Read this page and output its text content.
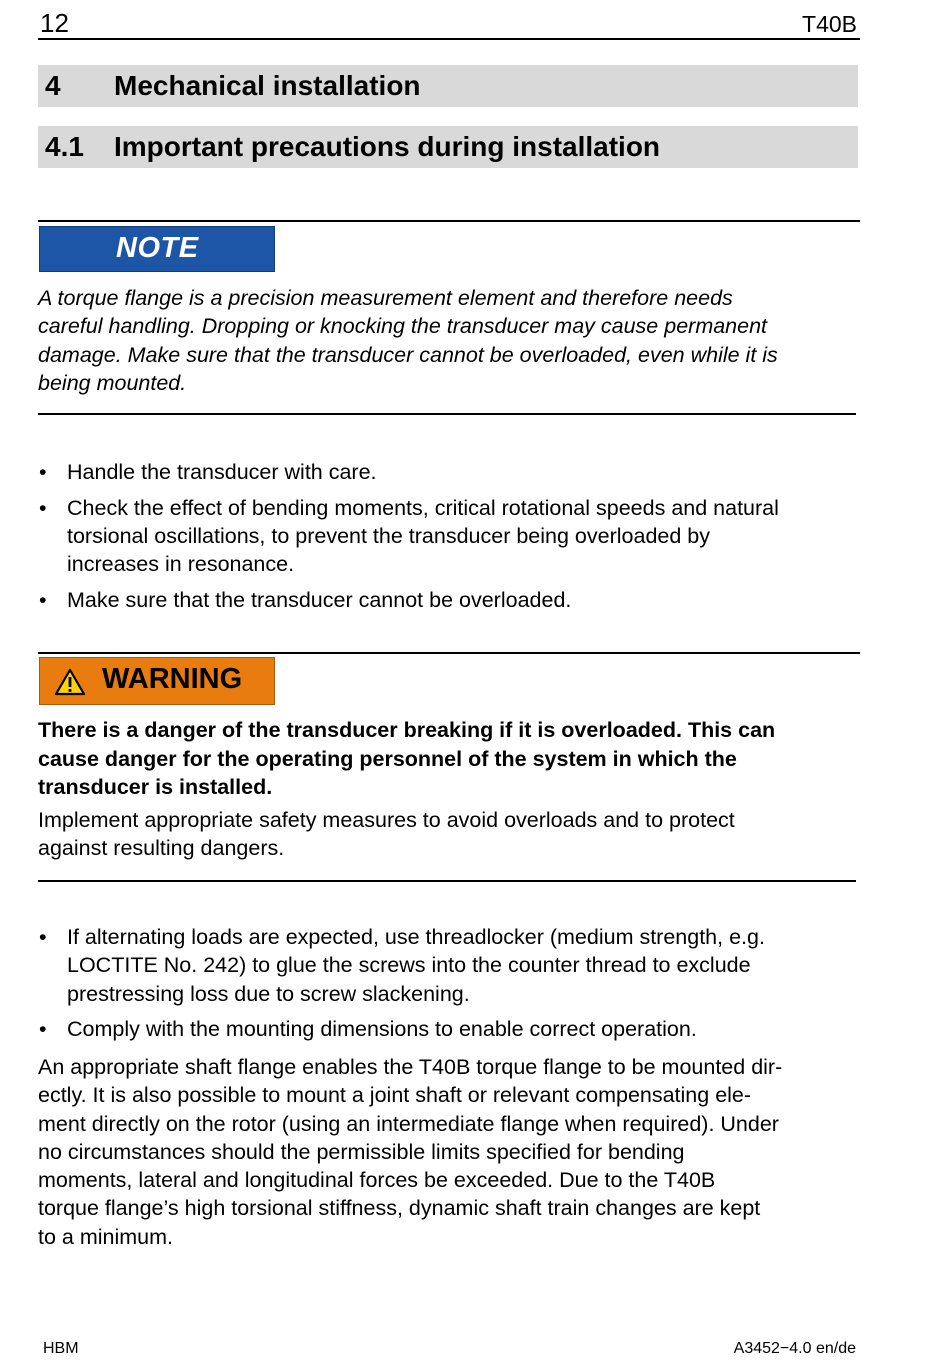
12	T40B
4 Mechanical installation
4.1 Important precautions during installation
NOTE
A torque flange is a precision measurement element and therefore needs
careful handling. Dropping or knocking the transducer may cause permanent
damage. Make sure that the transducer cannot be overloaded, even while it is
being mounted.
• Handle the transducer with care.
• Check the effect of bending moments, critical rotational speeds and natural
torsional oscillations, to prevent the transducer being overloaded by
increases in resonance.
• Make sure that the transducer cannot be overloaded.
WARNING
There is a danger of the transducer breaking if it is overloaded. This can
cause danger for the operating personnel of the system in which the
transducer is installed.
Implement appropriate safety measures to avoid overloads and to protect
against resulting dangers.
• If alternating loads are expected, use threadlocker (medium strength, e.g.
LOCTITE No. 242) to glue the screws into the counter thread to exclude
prestressing loss due to screw slackening.
• Comply with the mounting dimensions to enable correct operation.
An appropriate shaft flange enables the T40B torque flange to be mounted dir-
ectly. It is also possible to mount a joint shaft or relevant compensating ele-
ment directly on the rotor (using an intermediate flange when required). Under
no circumstances should the permissible limits specified for bending
moments, lateral and longitudinal forces be exceeded. Due to the T40B
torque flange’s high torsional stiffness, dynamic shaft train changes are kept
to a minimum.
HBM	A3452−4.0 en/de
